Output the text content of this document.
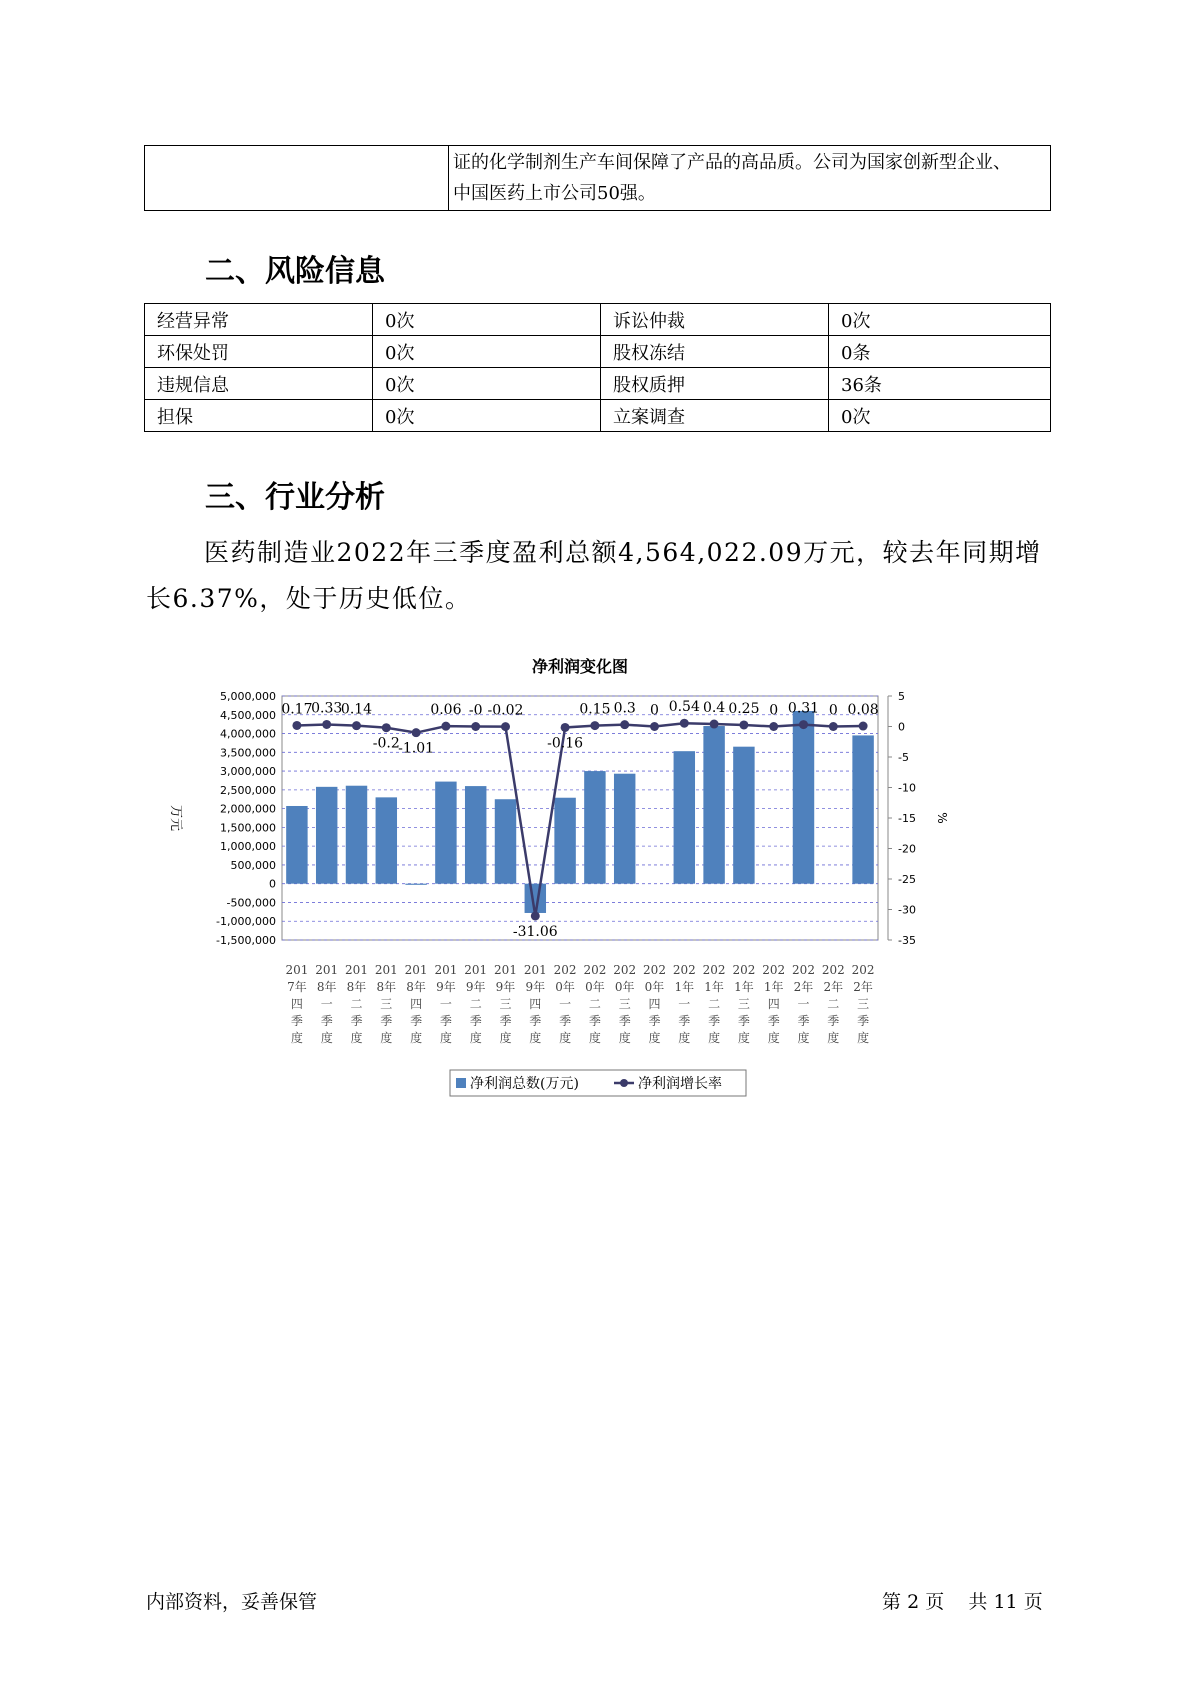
证的化学制剂生产车间保障了产品的高品质。公司为国家创新型企业、
中国医药上市公司50强。
二、风险信息
经营异常	0次	诉讼仲裁	0次
环保处罚	0次	股权冻结	0条
违规信息	0次	股权质押	36条
担保	0次	立案调查	0次
三、行业分析

医药制造业2022年三季度盈利总额4,564,022.09万元，较去年同期增长6.37%，处于历史低位。

净利润变化图
5,000,000
4,500,000
4,000,000
3,500,000
3,000,000
2,500,000
2,000,000
1,500,000
1,000,000
500,000
0
-500,000
-1,000,000
-1,500,000
5
0
-5
-10
-15
-20
-25
-30
-35
万元	%
0.17
0.33
0.14
-0.2
-1.01
0.06 -0 -0.02
-31.06
-0.16
0.15 0.3 0 0.54 0.4 0.25 0 0.31 0 0.08
201
7年
四
季
度
201
8年
一
季
度
201
8年
二
季
度
201
8年
三
季
度
201
8年
四
季
度
201
9年
一
季
度
201
9年
二
季
度
201
9年
三
季
度
201
9年
四
季
度
202
0年
一
季
度
202
0年
二
季
度
202
0年
三
季
度
202
0年
四
季
度
202
1年
一
季
度
202
1年
二
季
度
202
1年
三
季
度
202
1年
四
季
度
202
2年
一
季
度
202
2年
二
季
度
202
2年
三
季
度
净利润总数(万元)	净利润增长率
内部资料，妥善保管	第 2 页 共 11 页
